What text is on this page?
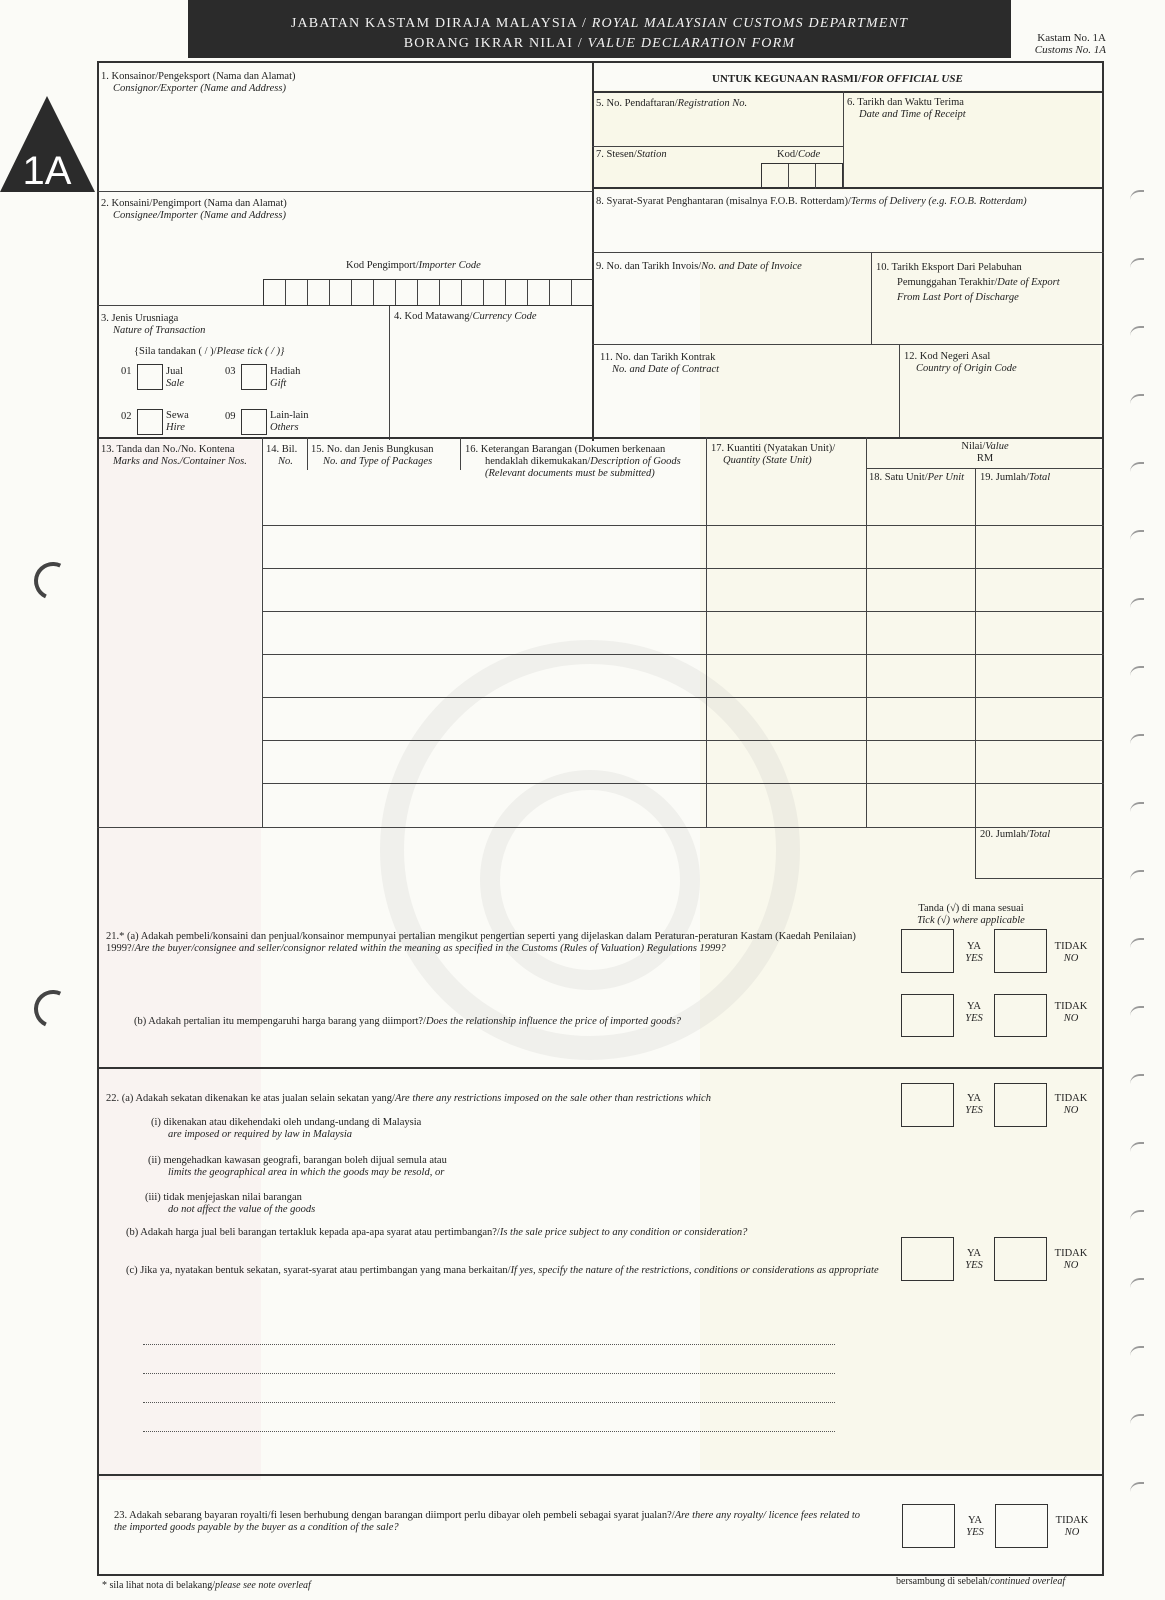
JABATAN KASTAM DIRAJA MALAYSIA / ROYAL MALAYSIAN CUSTOMS DEPARTMENT
BORANG IKRAR NILAI / VALUE DECLARATION FORM	Kastam No. 1A
Customs No. 1A
1A
UNTUK KEGUNAAN RASMI/FOR OFFICIAL USE
1. Konsainor/Pengeksport (Nama dan Alamat)
Consignor/Exporter (Name and Address)
5. No. Pendaftaran/Registration No.	6. Tarikh dan Waktu Terima
Date and Time of Receipt
7. Stesen/Station	Kod/Code
2. Konsaini/Pengimport (Nama dan Alamat)
Consignee/Importer (Name and Address)
Kod Pengimport/Importer Code
8. Syarat-Syarat Penghantaran (misalnya F.O.B. Rotterdam)/Terms of Delivery (e.g. F.O.B. Rotterdam)
9. No. dan Tarikh Invois/No. and Date of Invoice	10. Tarikh Eksport Dari Pelabuhan
Pemunggahan Terakhir/Date of Export
From Last Port of Discharge
3. Jenis Urusniaga
Nature of Transaction
{Sila tandakan ( / )/Please tick ( / )}
01	Jual
Sale
03	Hadiah
Gift
02	Sewa
Hire
09	Lain-lain
Others
4. Kod Matawang/Currency Code
11. No. dan Tarikh Kontrak
No. and Date of Contract
12. Kod Negeri Asal
Country of Origin Code
13. Tanda dan No./No. Kontena
Marks and Nos./Container Nos.
14. Bil.
No.
15. No. dan Jenis Bungkusan
No. and Type of Packages
16. Keterangan Barangan (Dokumen berkenaan
hendaklah dikemukakan/Description of Goods
(Relevant documents must be submitted)
17. Kuantiti (Nyatakan Unit)/
Quantity (State Unit)
Nilai/Value
RM
18. Satu Unit/Per Unit 19. Jumlah/Total
20. Jumlah/Total
Tanda (√) di mana sesuai
Tick (√) where applicable
21.* (a) Adakah pembeli/konsaini dan penjual/konsainor mempunyai pertalian mengikut pengertian seperti yang dijelaskan dalam Peraturan-peraturan Kastam (Kaedah Penilaian) 1999?/Are the buyer/consignee and seller/consignor related within the meaning as specified in the Customs (Rules of Valuation) Regulations 1999?	YA
YES
TIDAK
NO
(b) Adakah pertalian itu mempengaruhi harga barang yang diimport?/Does the relationship influence the price of imported goods?
YA
YES
TIDAK
NO
22. (a) Adakah sekatan dikenakan ke atas jualan selain sekatan yang/Are there any restrictions imposed on the sale other than restrictions which	YA
YES
TIDAK
NO
(i) dikenakan atau dikehendaki oleh undang-undang di Malaysia
are imposed or required by law in Malaysia
(ii) mengehadkan kawasan geografi, barangan boleh dijual semula atau
limits the geographical area in which the goods may be resold, or
(iii) tidak menjejaskan nilai barangan
do not affect the value of the goods
(b) Adakah harga jual beli barangan tertakluk kepada apa-apa syarat atau pertimbangan?/Is the sale price subject to any condition or consideration?
YA
YES
TIDAK
NO
(c) Jika ya, nyatakan bentuk sekatan, syarat-syarat atau pertimbangan yang mana berkaitan/If yes, specify the nature of the restrictions, conditions or considerations as appropriate
23. Adakah sebarang bayaran royalti/fi lesen berhubung dengan barangan diimport perlu dibayar oleh pembeli sebagai syarat jualan?/Are there any royalty/ licence fees related to the imported goods payable by the buyer as a condition of the sale?
YA
YES
TIDAK
NO
* sila lihat nota di belakang/please see note overleaf	bersambung di sebelah/continued overleaf
